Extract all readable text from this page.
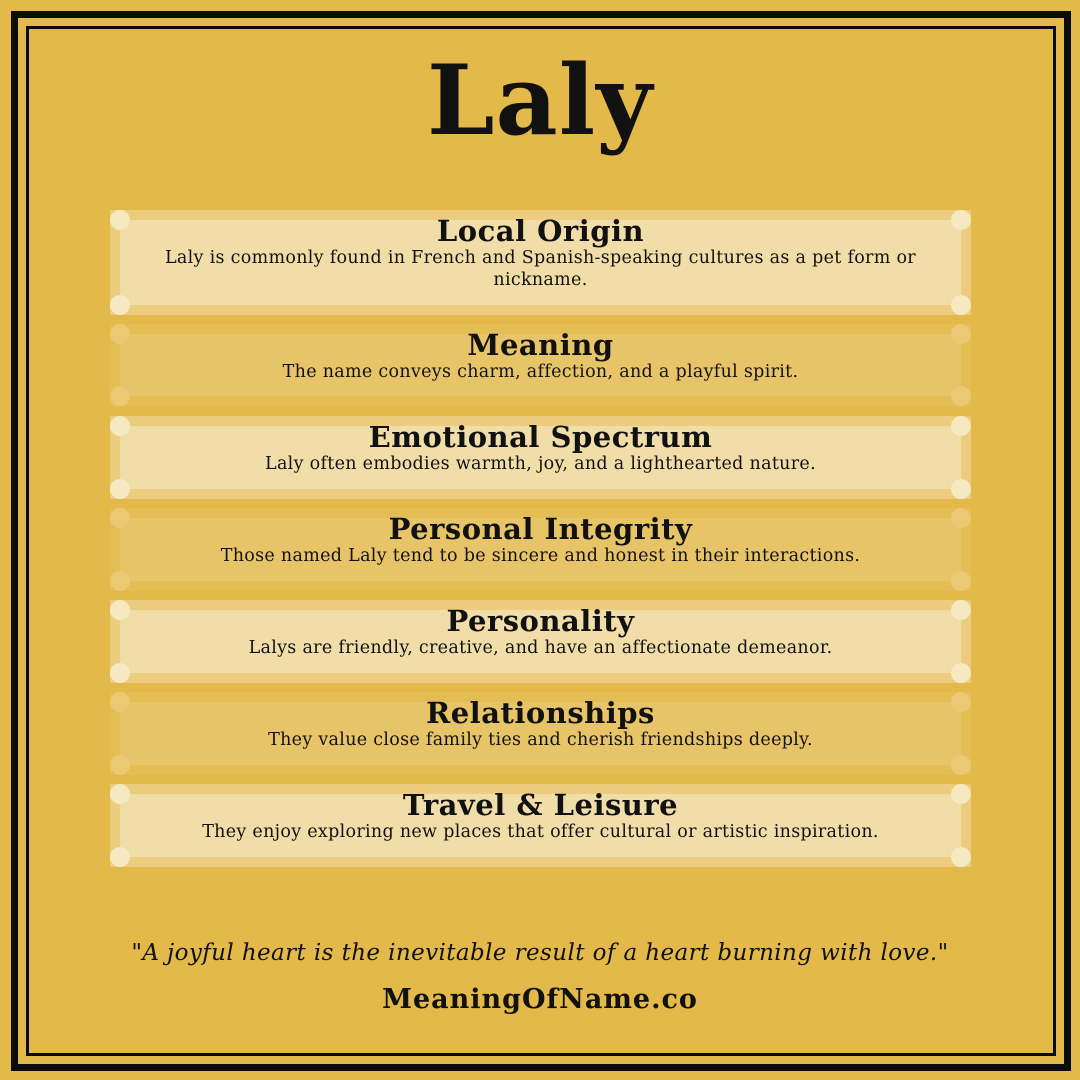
Laly
Local Origin
Laly is commonly found in French and Spanish-speaking cultures as a pet form or nickname.
Meaning
The name conveys charm, affection, and a playful spirit.
Emotional Spectrum
Laly often embodies warmth, joy, and a lighthearted nature.
Personal Integrity
Those named Laly tend to be sincere and honest in their interactions.
Personality
Lalys are friendly, creative, and have an affectionate demeanor.
Relationships
They value close family ties and cherish friendships deeply.
Travel & Leisure
They enjoy exploring new places that offer cultural or artistic inspiration.
"A joyful heart is the inevitable result of a heart burning with love."
MeaningOfName.co
